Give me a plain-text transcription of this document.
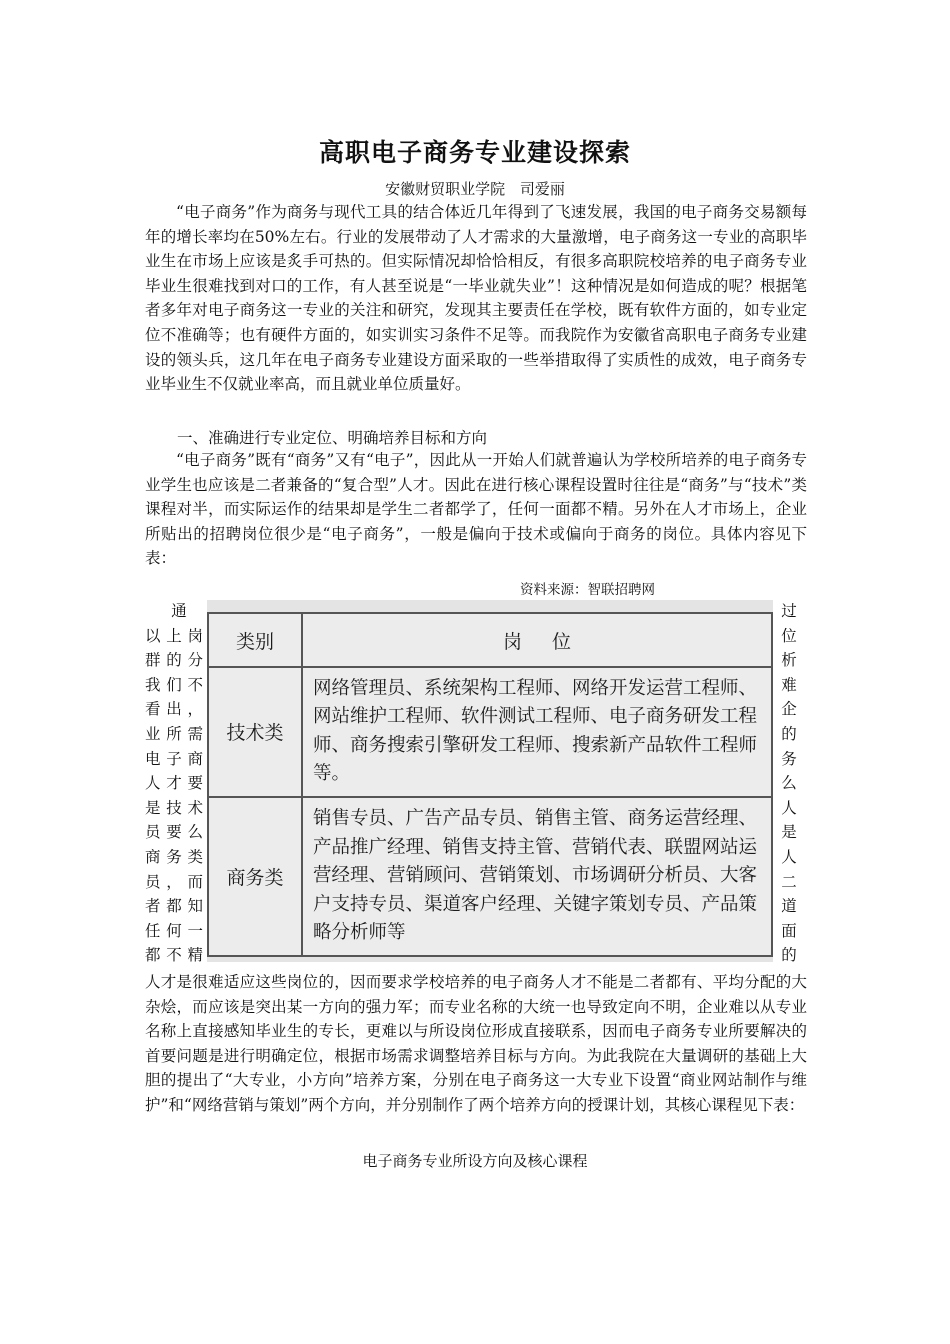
高职电子商务专业建设探索
安徽财贸职业学院 司爱丽

“电子商务”作为商务与现代工具的结合体近几年得到了飞速发展，我国的电子商务交易额每年的增长率均在50%左右。行业的发展带动了人才需求的大量激增，电子商务这一专业的高职毕业生在市场上应该是炙手可热的。但实际情况却恰恰相反，有很多高职院校培养的电子商务专业毕业生很难找到对口的工作，有人甚至说是“一毕业就失业”！这种情况是如何造成的呢？根据笔者多年对电子商务这一专业的关注和研究，发现其主要责任在学校，既有软件方面的，如专业定位不准确等；也有硬件方面的，如实训实习条件不足等。而我院作为安徽省高职电子商务专业建设的领头兵，这几年在电子商务专业建设方面采取的一些举措取得了实质性的成效，电子商务专业毕业生不仅就业率高，而且就业单位质量好。

一、准确进行专业定位、明确培养目标和方向

“电子商务”既有“商务”又有“电子”，因此从一开始人们就普遍认为学校所培养的电子商务专业学生也应该是二者兼备的“复合型”人才。因此在进行核心课程设置时往往是“商务”与“技术”类课程对半，而实际运作的结果却是学生二者都学了，任何一面都不精。另外在人才市场上，企业所贴出的招聘岗位很少是“电子商务”，一般是偏向于技术或偏向于商务的岗位。具体内容见下表：

资料来源：智联招聘网
通
以上岗
群的分
我们不
看出，
业所需
电子商
人才要
是技术
员要么
商务类
员，而
者都知
任何一
都不精
类别	岗 位
技术类	网络管理员、系统架构工程师、网络开发运营工程师、网站维护工程师、软件测试工程师、电子商务研发工程师、商务搜索引擎研发工程师、搜索新产品软件工程师等。
商务类	销售专员、广告产品专员、销售主管、商务运营经理、产品推广经理、销售支持主管、营销代表、联盟网站运营经理、营销顾问、营销策划、市场调研分析员、大客户支持专员、渠道客户经理、关键字策划专员、产品策略分析师等
过
位
析
难
企
的
务
么
人
是
人
二
道
面
的

人才是很难适应这些岗位的，因而要求学校培养的电子商务人才不能是二者都有、平均分配的大杂烩，而应该是突出某一方向的强力军；而专业名称的大统一也导致定向不明，企业难以从专业名称上直接感知毕业生的专长，更难以与所设岗位形成直接联系，因而电子商务专业所要解决的首要问题是进行明确定位，根据市场需求调整培养目标与方向。为此我院在大量调研的基础上大胆的提出了“大专业，小方向”培养方案，分别在电子商务这一大专业下设置“商业网站制作与维护”和“网络营销与策划”两个方向，并分别制作了两个培养方向的授课计划，其核心课程见下表：

电子商务专业所设方向及核心课程
